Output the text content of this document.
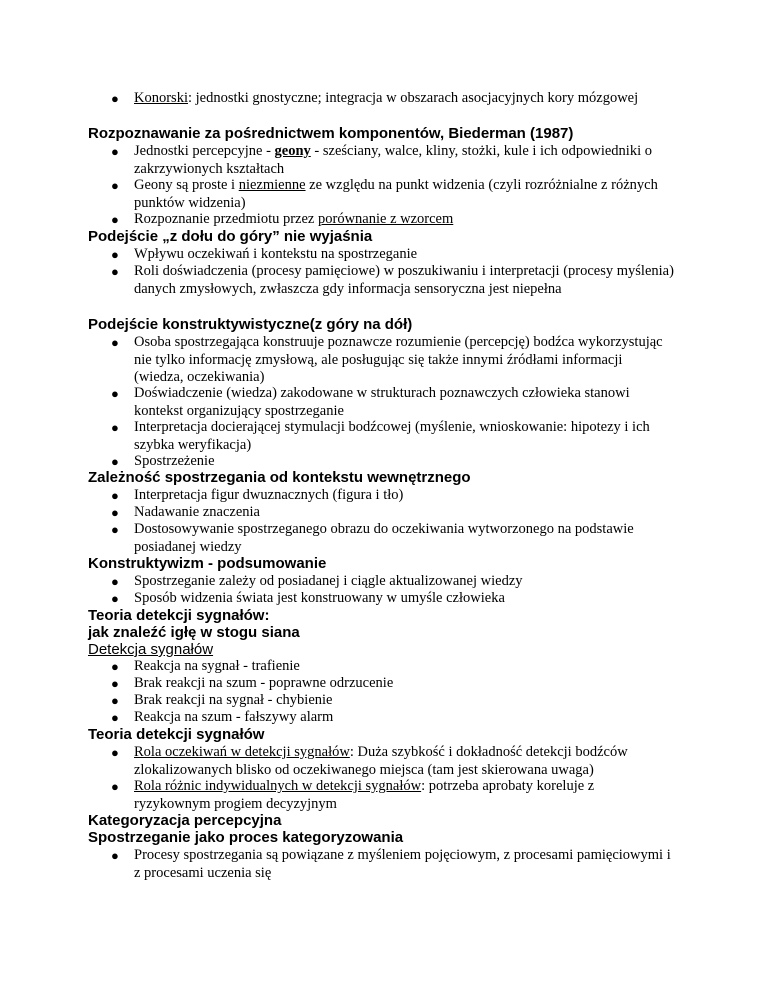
● Konorski: jednostki gnostyczne; integracja w obszarach asocjacyjnych kory mózgowej
Rozpoznawanie za pośrednictwem komponentów, Biederman (1987)
● Jednostki percepcyjne - geony - sześciany, walce, kliny, stożki, kule i ich odpowiedniki o zakrzywionych kształtach
● Geony są proste i niezmienne ze względu na punkt widzenia (czyli rozróżnialne z różnych punktów widzenia)
● Rozpoznanie przedmiotu przez porównanie z wzorcem
Podejście „z dołu do góry” nie wyjaśnia
● Wpływu oczekiwań i kontekstu na spostrzeganie
● Roli doświadczenia (procesy pamięciowe) w poszukiwaniu i interpretacji (procesy myślenia) danych zmysłowych, zwłaszcza gdy informacja sensoryczna jest niepełna
Podejście konstruktywistyczne(z góry na dół)
● Osoba spostrzegająca konstruuje poznawcze rozumienie (percepcję) bodźca wykorzystując nie tylko informację zmysłową, ale posługując się także innymi źródłami informacji (wiedza, oczekiwania)
● Doświadczenie (wiedza) zakodowane w strukturach poznawczych człowieka stanowi kontekst organizujący spostrzeganie
● Interpretacja docierającej stymulacji bodźcowej (myślenie, wnioskowanie: hipotezy i ich szybka weryfikacja)
● Spostrzeżenie
Zależność spostrzegania od kontekstu wewnętrznego
● Interpretacja figur dwuznacznych (figura i tło)
● Nadawanie znaczenia
● Dostosowywanie spostrzeganego obrazu do oczekiwania wytworzonego na podstawie posiadanej wiedzy
Konstruktywizm - podsumowanie
● Spostrzeganie zależy od posiadanej i ciągle aktualizowanej wiedzy
● Sposób widzenia świata jest konstruowany w umyśle człowieka
Teoria detekcji sygnałów:
jak znaleźć igłę w stogu siana
Detekcja sygnałów
● Reakcja na sygnał - trafienie
● Brak reakcji na szum - poprawne odrzucenie
● Brak reakcji na sygnał - chybienie
● Reakcja na szum - fałszywy alarm
Teoria detekcji sygnałów
● Rola oczekiwań w detekcji sygnałów: Duża szybkość i dokładność detekcji bodźców zlokalizowanych blisko od oczekiwanego miejsca (tam jest skierowana uwaga)
● Rola różnic indywidualnych w detekcji sygnałów: potrzeba aprobaty koreluje z ryzykownym progiem decyzyjnym
Kategoryzacja percepcyjna
Spostrzeganie jako proces kategoryzowania
● Procesy spostrzegania są powiązane z myśleniem pojęciowym, z procesami pamięciowymi i z procesami uczenia się
